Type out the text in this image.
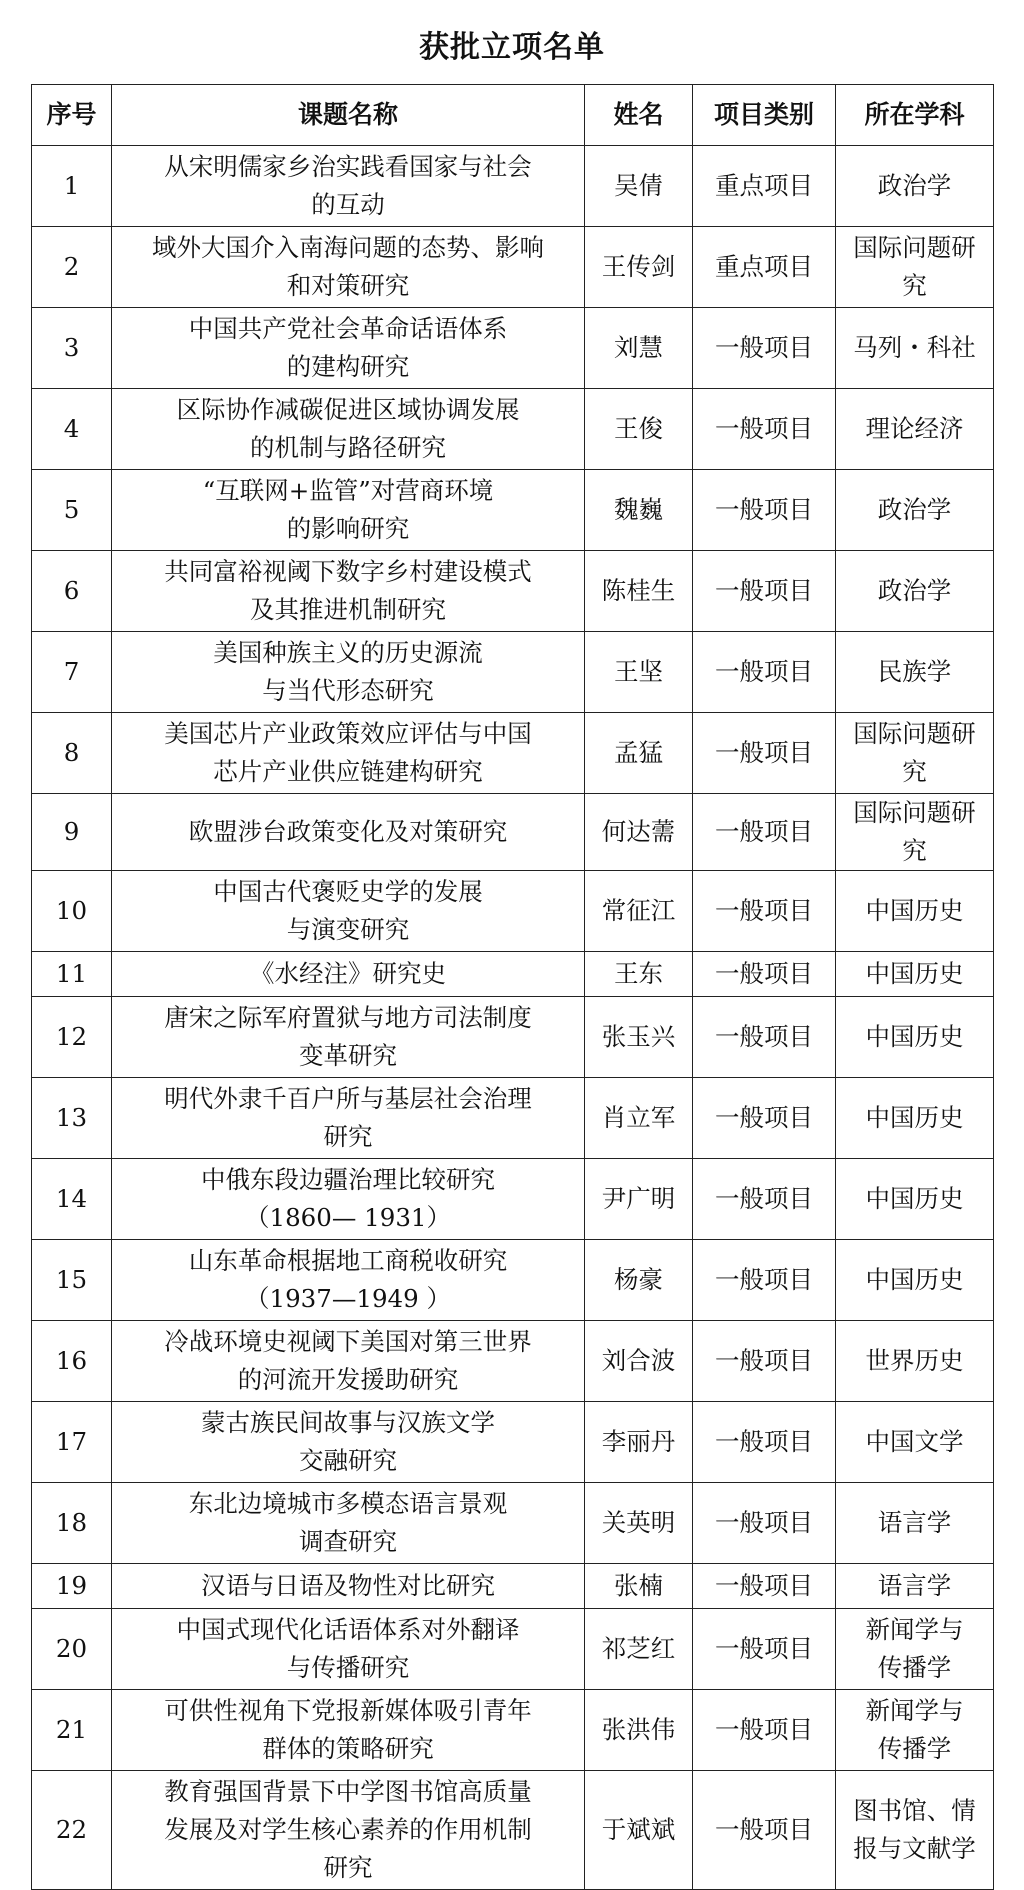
获批立项名单
序号	课题名称	姓名	项目类别	所在学科
1	从宋明儒家乡治实践看国家与社会
的互动	吴倩	重点项目	政治学
2	域外大国介入南海问题的态势、影响
和对策研究	王传剑	重点项目	国际问题研究
3	中国共产党社会革命话语体系
的建构研究	刘慧	一般项目	马列・科社
4	区际协作减碳促进区域协调发展
的机制与路径研究	王俊	一般项目	理论经济
5	“互联网+监管”对营商环境
的影响研究	魏巍	一般项目	政治学
6	共同富裕视阈下数字乡村建设模式
及其推进机制研究	陈桂生	一般项目	政治学
7	美国种族主义的历史源流
与当代形态研究	王坚	一般项目	民族学
8	美国芯片产业政策效应评估与中国
芯片产业供应链建构研究	孟猛	一般项目	国际问题研究
9	欧盟涉台政策变化及对策研究	何达薷	一般项目	国际问题研究
10	中国古代褒贬史学的发展
与演变研究	常征江	一般项目	中国历史
11	《水经注》研究史	王东	一般项目	中国历史
12	唐宋之际军府置狱与地方司法制度
变革研究	张玉兴	一般项目	中国历史
13	明代外隶千百户所与基层社会治理
研究	肖立军	一般项目	中国历史
14	中俄东段边疆治理比较研究
（1860— 1931）	尹广明	一般项目	中国历史
15	山东革命根据地工商税收研究
（1937—1949 ）	杨豪	一般项目	中国历史
16	冷战环境史视阈下美国对第三世界
的河流开发援助研究	刘合波	一般项目	世界历史
17	蒙古族民间故事与汉族文学
交融研究	李丽丹	一般项目	中国文学
18	东北边境城市多模态语言景观
调查研究	关英明	一般项目	语言学
19	汉语与日语及物性对比研究	张楠	一般项目	语言学
20	中国式现代化话语体系对外翻译
与传播研究	祁芝红	一般项目	新闻学与
传播学
21	可供性视角下党报新媒体吸引青年
群体的策略研究	张洪伟	一般项目	新闻学与
传播学
22	教育强国背景下中学图书馆高质量
发展及对学生核心素养的作用机制
研究	于斌斌	一般项目	图书馆、情
报与文献学
